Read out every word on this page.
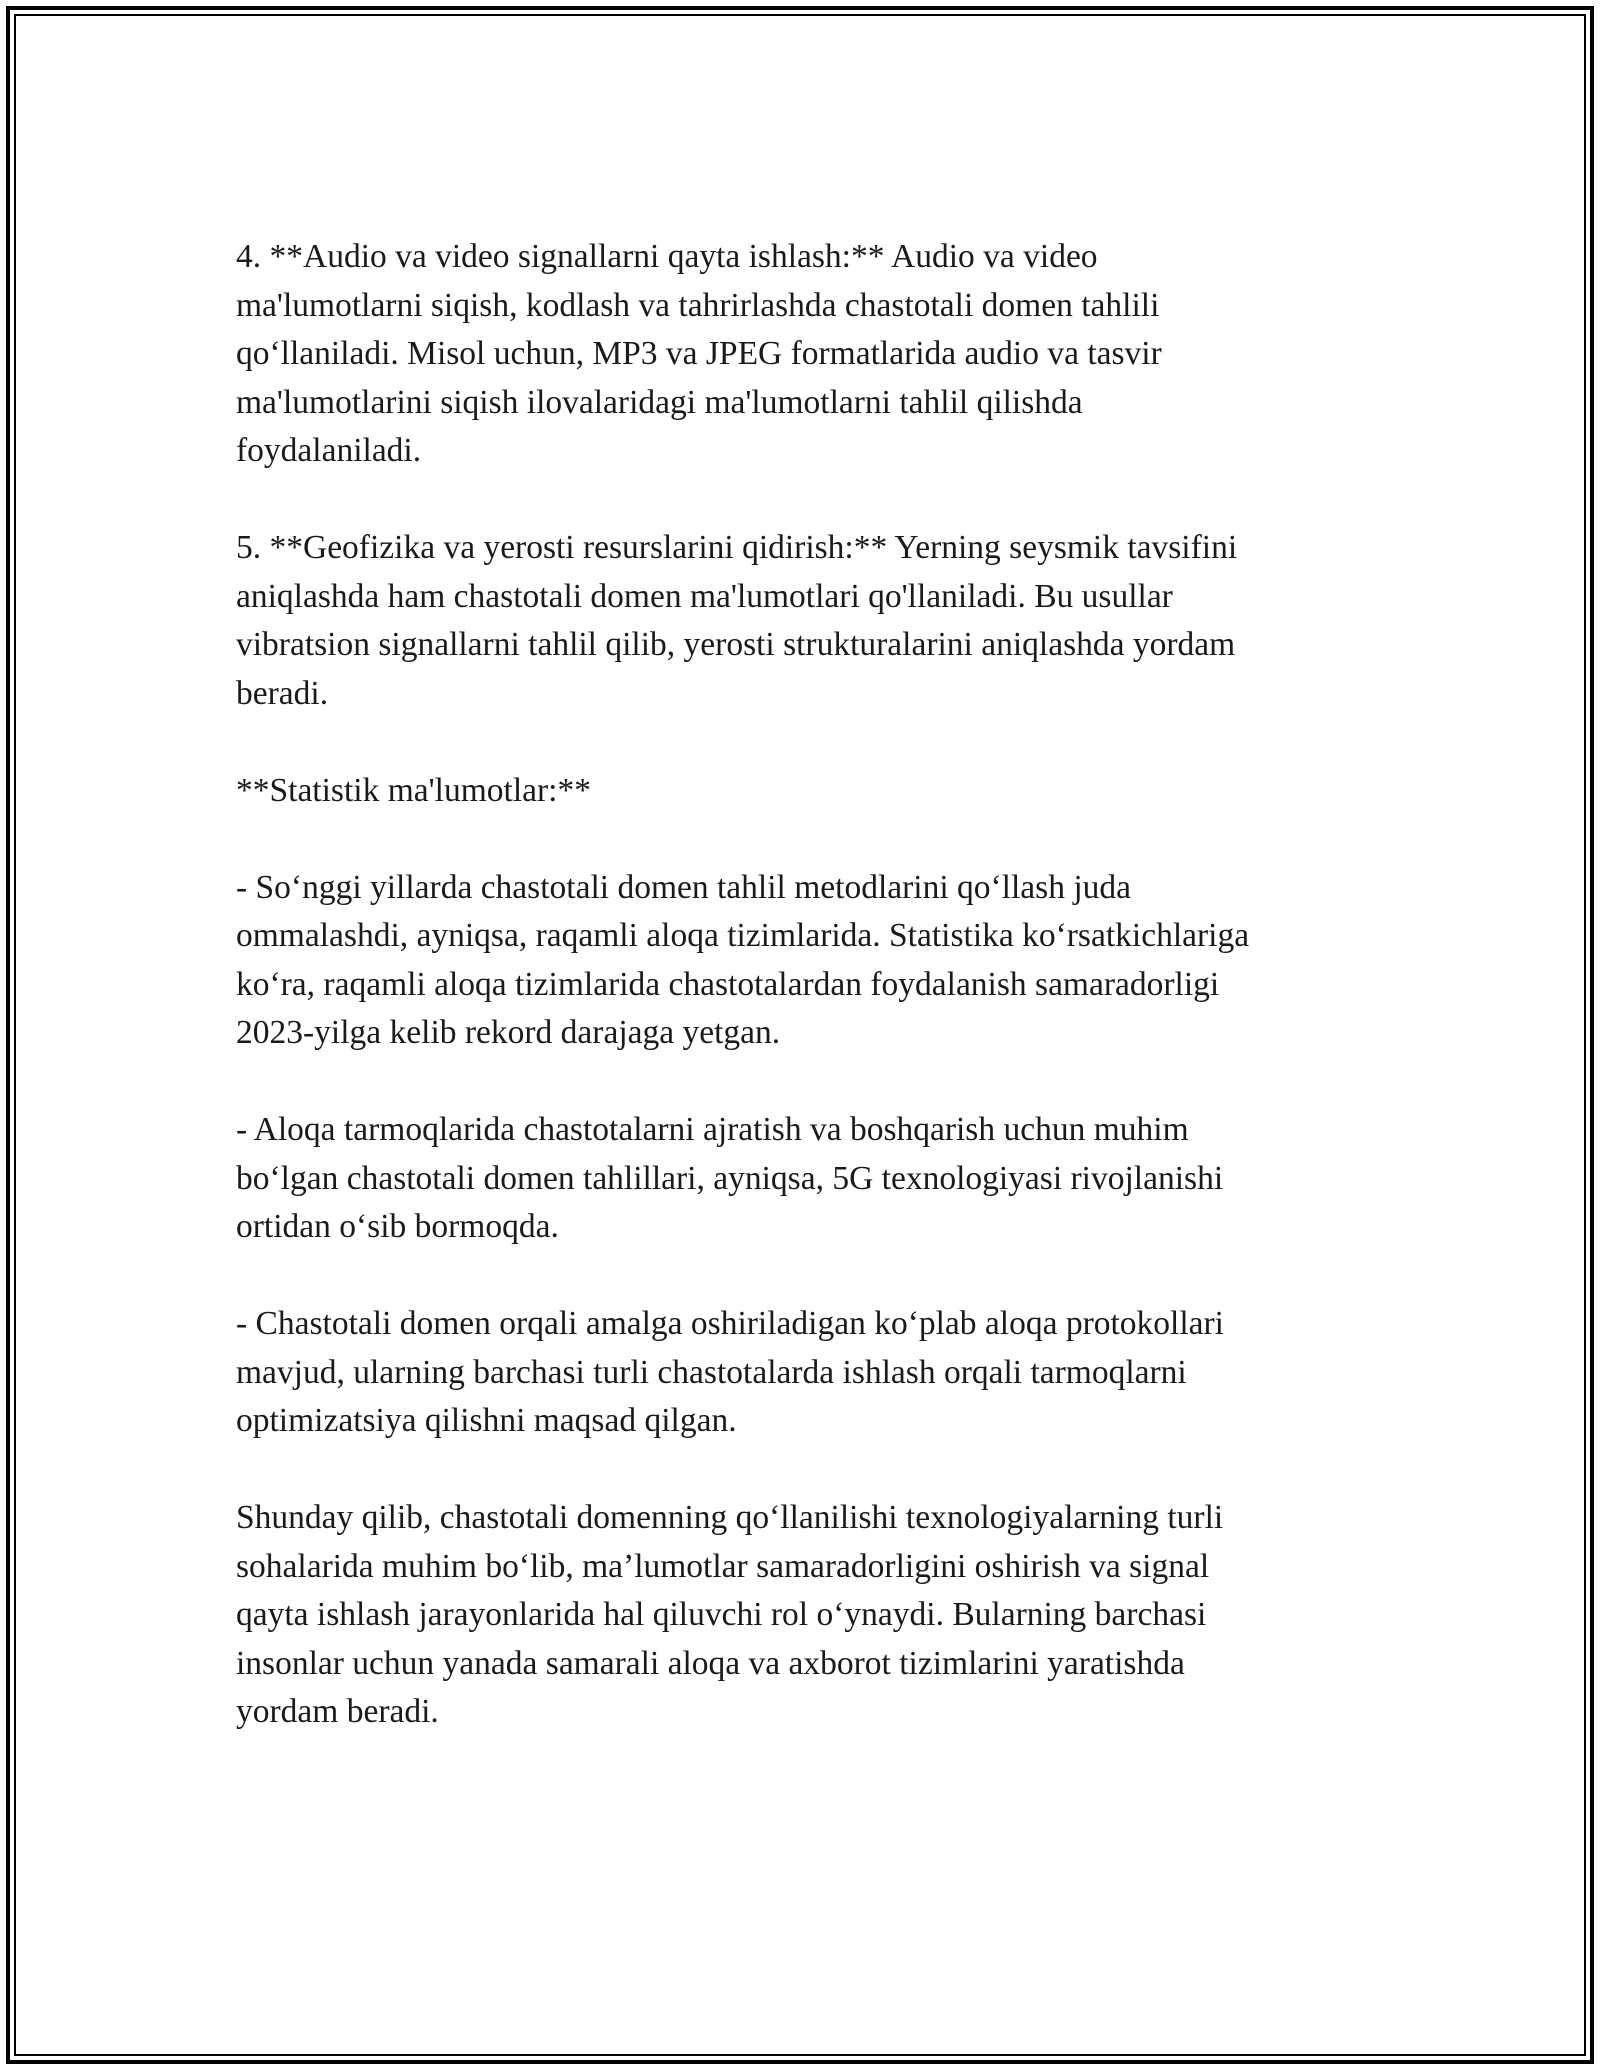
4. **Audio va video signallarni qayta ishlash:** Audio va video
ma'lumotlarni siqish, kodlash va tahrirlashda chastotali domen tahlili
qo‘llaniladi. Misol uchun, MP3 va JPEG formatlarida audio va tasvir
ma'lumotlarini siqish ilovalaridagi ma'lumotlarni tahlil qilishda
foydalaniladi.

5. **Geofizika va yerosti resurslarini qidirish:** Yerning seysmik tavsifini
aniqlashda ham chastotali domen ma'lumotlari qo'llaniladi. Bu usullar
vibratsion signallarni tahlil qilib, yerosti strukturalarini aniqlashda yordam
beradi.

**Statistik ma'lumotlar:**

- So‘nggi yillarda chastotali domen tahlil metodlarini qo‘llash juda
ommalashdi, ayniqsa, raqamli aloqa tizimlarida. Statistika ko‘rsatkichlariga
ko‘ra, raqamli aloqa tizimlarida chastotalardan foydalanish samaradorligi
2023-yilga kelib rekord darajaga yetgan.

- Aloqa tarmoqlarida chastotalarni ajratish va boshqarish uchun muhim
bo‘lgan chastotali domen tahlillari, ayniqsa, 5G texnologiyasi rivojlanishi
ortidan o‘sib bormoqda.

- Chastotali domen orqali amalga oshiriladigan ko‘plab aloqa protokollari
mavjud, ularning barchasi turli chastotalarda ishlash orqali tarmoqlarni
optimizatsiya qilishni maqsad qilgan.

Shunday qilib, chastotali domenning qo‘llanilishi texnologiyalarning turli
sohalarida muhim bo‘lib, ma’lumotlar samaradorligini oshirish va signal
qayta ishlash jarayonlarida hal qiluvchi rol o‘ynaydi. Bularning barchasi
insonlar uchun yanada samarali aloqa va axborot tizimlarini yaratishda
yordam beradi.
